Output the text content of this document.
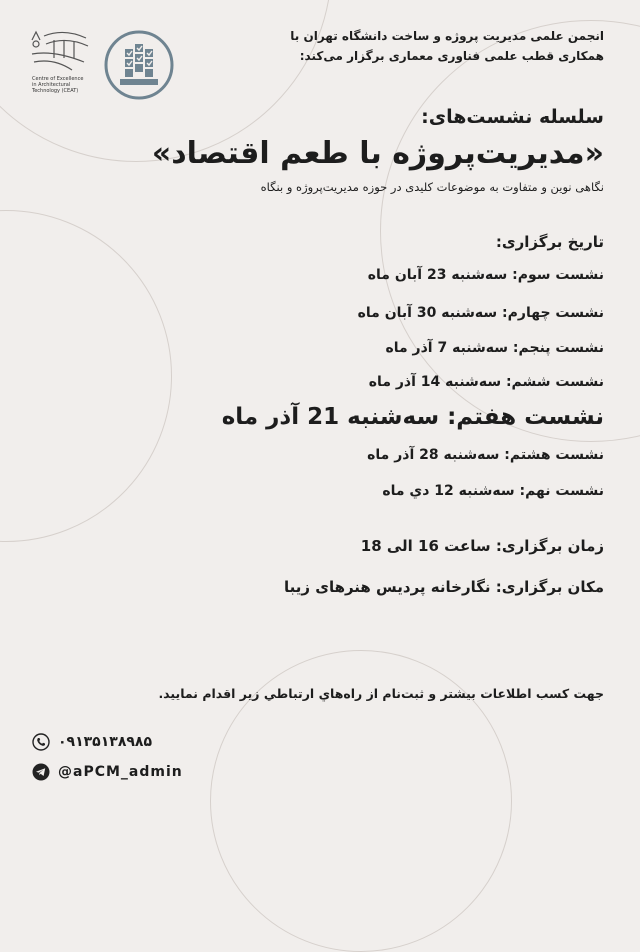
Centre of Excellence
in Architectural
Technology (CEAT)

انجمن علمی مدیریت پروژه و ساخت دانشگاه تهران با

همکاری قطب علمی فناوری معماری برگزار می‌کند:

سلسله نشست‌های:
«مدیریت‌پروژه با طعم اقتصاد»
نگاهی نوین و متفاوت به موضوعات کلیدی در حوزه مدیریت‌پروژه و بنگاه
تاریخ برگزاری:
نشست سوم: سه‌شنبه 23 آبان ماه
نشست چهارم: سه‌شنبه 30 آبان ماه
نشست پنجم: سه‌شنبه 7 آذر ماه
نشست ششم: سه‌شنبه 14 آذر ماه
نشست هفتم: سه‌شنبه 21 آذر ماه
نشست هشتم: سه‌شنبه 28 آذر ماه
نشست نهم: سه‌شنبه 12 دي ماه
زمان برگزاری: ساعت 16 الی 18
مکان برگزاری: نگارخانه پردیس هنرهای زیبا
جهت کسب اطلاعات بیشتر و ثبت‌نام از راه‌هاي ارتباطي زير اقدام نماييد.
۰۹۱۳۵۱۳۸۹۸۵
@aPCM_admin
